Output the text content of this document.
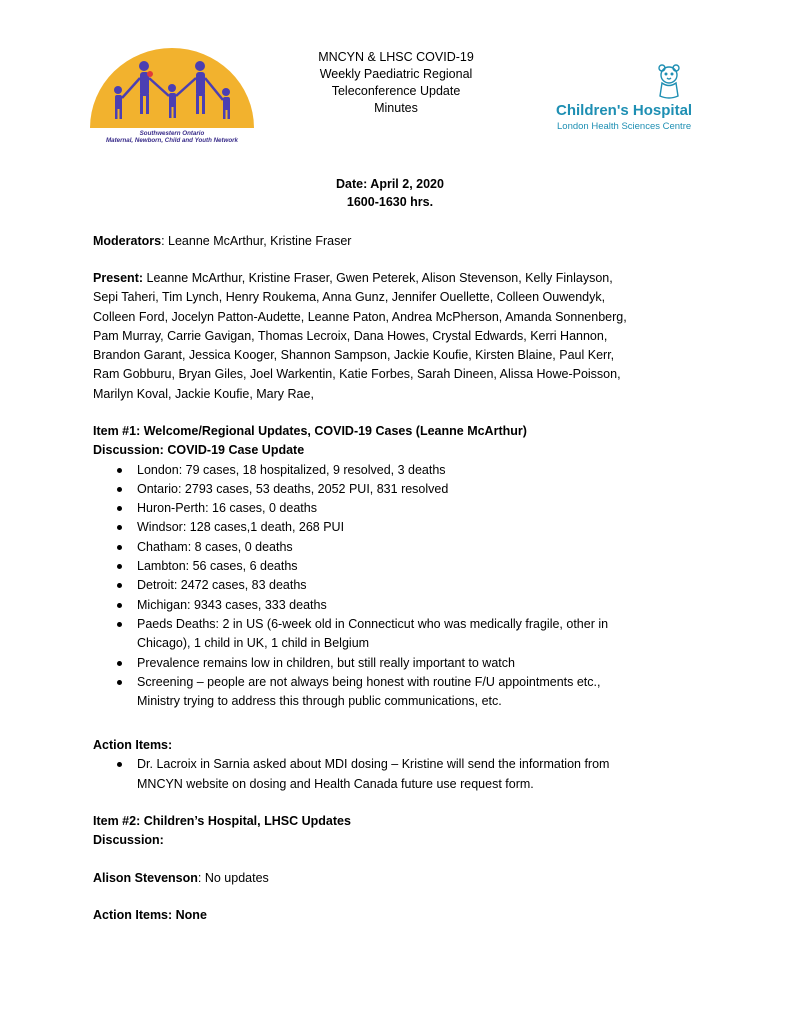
Southwestern Ontario
Maternal, Newborn, Child and Youth Network
MNCYN & LHSC COVID-19
Weekly Paediatric Regional
Teleconference Update
Minutes	Children's Hospital
London Health Sciences Centre
Date: April 2, 2020
1600-1630 hrs.
Moderators: Leanne McArthur, Kristine Fraser
Present: Leanne McArthur, Kristine Fraser, Gwen Peterek, Alison Stevenson, Kelly Finlayson,
Sepi Taheri, Tim Lynch, Henry Roukema, Anna Gunz, Jennifer Ouellette, Colleen Ouwendyk,
Colleen Ford, Jocelyn Patton-Audette, Leanne Paton, Andrea McPherson, Amanda Sonnenberg,
Pam Murray, Carrie Gavigan, Thomas Lecroix, Dana Howes, Crystal Edwards, Kerri Hannon,
Brandon Garant, Jessica Kooger, Shannon Sampson, Jackie Koufie, Kirsten Blaine, Paul Kerr,
Ram Gobburu, Bryan Giles, Joel Warkentin, Katie Forbes, Sarah Dineen, Alissa Howe-Poisson,
Marilyn Koval, Jackie Koufie, Mary Rae,
Item #1: Welcome/Regional Updates, COVID-19 Cases (Leanne McArthur)
Discussion: COVID-19 Case Update
London: 79 cases, 18 hospitalized, 9 resolved, 3 deaths
Ontario: 2793 cases, 53 deaths, 2052 PUI, 831 resolved
Huron-Perth: 16 cases, 0 deaths
Windsor: 128 cases,1 death, 268 PUI
Chatham: 8 cases, 0 deaths
Lambton: 56 cases, 6 deaths
Detroit: 2472 cases, 83 deaths
Michigan: 9343 cases, 333 deaths
Paeds Deaths: 2 in US (6-week old in Connecticut who was medically fragile, other in
Chicago), 1 child in UK, 1 child in Belgium
Prevalence remains low in children, but still really important to watch
Screening – people are not always being honest with routine F/U appointments etc.,
Ministry trying to address this through public communications, etc.
Action Items:
Dr. Lacroix in Sarnia asked about MDI dosing – Kristine will send the information from
MNCYN website on dosing and Health Canada future use request form.
Item #2: Children’s Hospital, LHSC Updates
Discussion:
Alison Stevenson: No updates
Action Items: None
